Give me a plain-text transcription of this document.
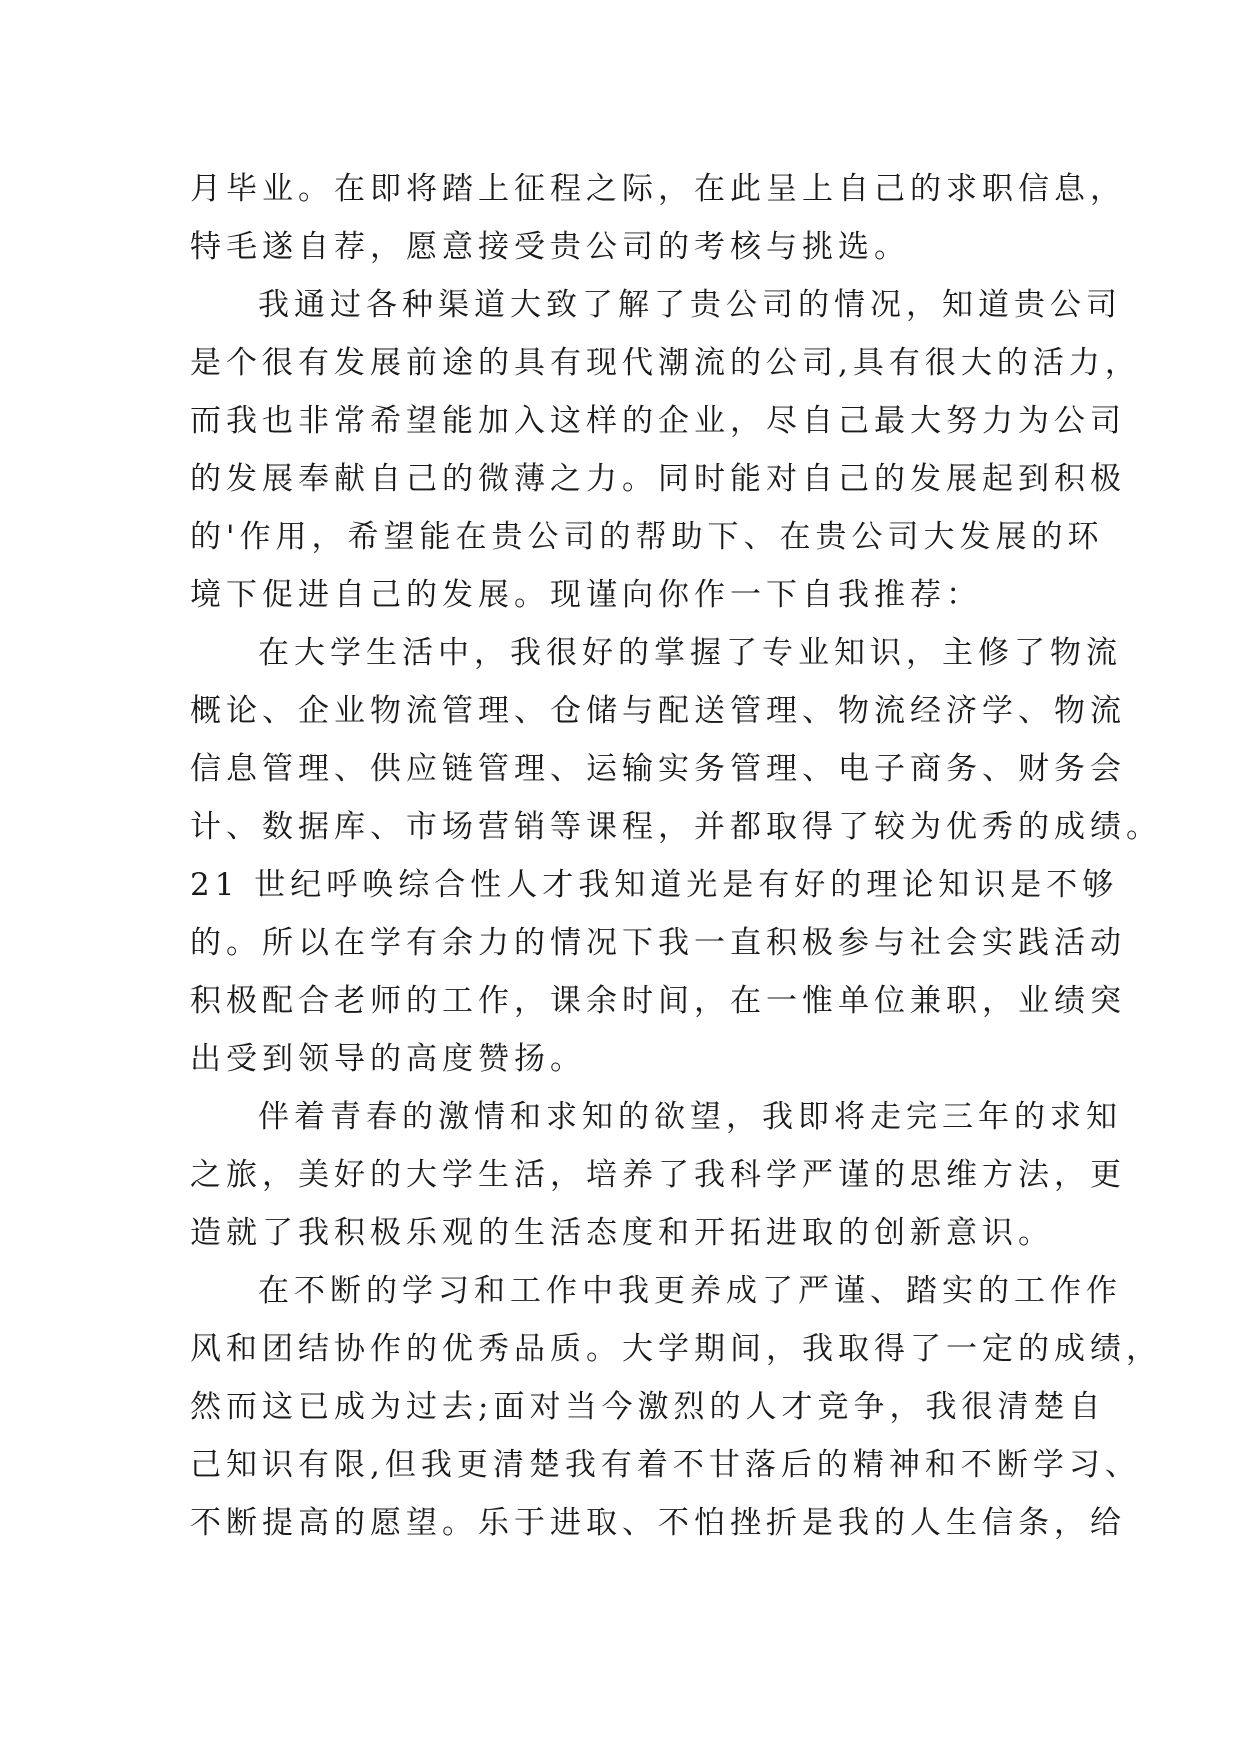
月毕业。在即将踏上征程之际，在此呈上自己的求职信息，
特毛遂自荐，愿意接受贵公司的考核与挑选。
我通过各种渠道大致了解了贵公司的情况，知道贵公司
是个很有发展前途的具有现代潮流的公司,具有很大的活力，
而我也非常希望能加入这样的企业，尽自己最大努力为公司
的发展奉献自己的微薄之力。同时能对自己的发展起到积极
的'作用，希望能在贵公司的帮助下、在贵公司大发展的环
境下促进自己的发展。现谨向你作一下自我推荐：
在大学生活中，我很好的掌握了专业知识，主修了物流
概论、企业物流管理、仓储与配送管理、物流经济学、物流
信息管理、供应链管理、运输实务管理、电子商务、财务会
计、数据库、市场营销等课程，并都取得了较为优秀的成绩。
21 世纪呼唤综合性人才我知道光是有好的理论知识是不够
的。所以在学有余力的情况下我一直积极参与社会实践活动
积极配合老师的工作，课余时间，在一惟单位兼职，业绩突
出受到领导的高度赞扬。
伴着青春的激情和求知的欲望，我即将走完三年的求知
之旅，美好的大学生活，培养了我科学严谨的思维方法，更
造就了我积极乐观的生活态度和开拓进取的创新意识。
在不断的学习和工作中我更养成了严谨、踏实的工作作
风和团结协作的优秀品质。大学期间，我取得了一定的成绩，
然而这已成为过去;面对当今激烈的人才竞争，我很清楚自
己知识有限,但我更清楚我有着不甘落后的精神和不断学习、
不断提高的愿望。乐于进取、不怕挫折是我的人生信条，给
